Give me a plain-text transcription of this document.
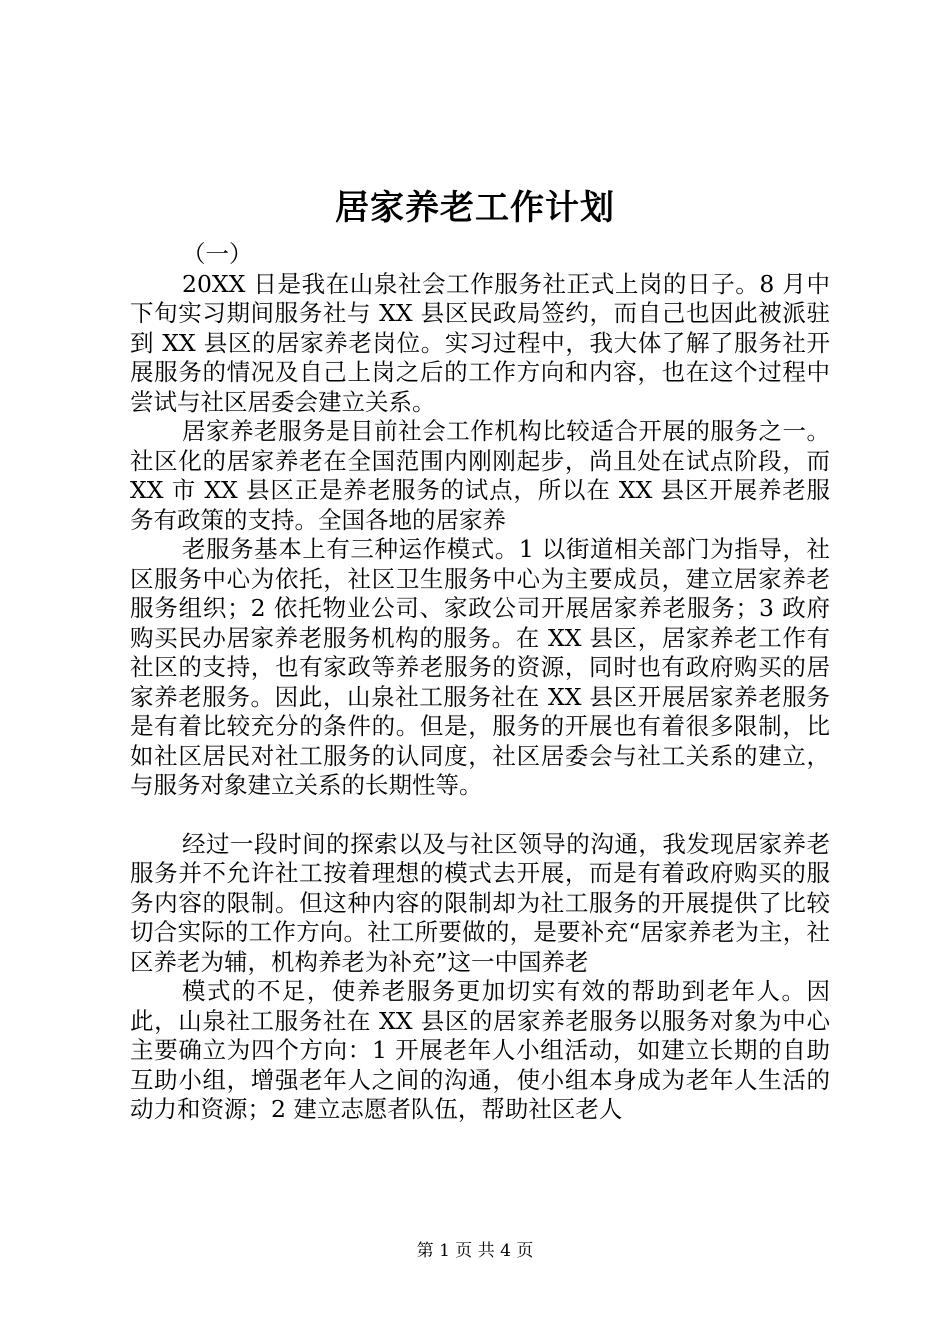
居家养老工作计划

（一）

20XX 日是我在山泉社会工作服务社正式上岗的日子。8 月中下旬实习期间服务社与 XX 县区民政局签约，而自己也因此被派驻到 XX 县区的居家养老岗位。实习过程中，我大体了解了服务社开展服务的情况及自己上岗之后的工作方向和内容，也在这个过程中尝试与社区居委会建立关系。

居家养老服务是目前社会工作机构比较适合开展的服务之一。社区化的居家养老在全国范围内刚刚起步，尚且处在试点阶段，而 XX 市 XX 县区正是养老服务的试点，所以在 XX 县区开展养老服务有政策的支持。全国各地的居家养

老服务基本上有三种运作模式。1 以街道相关部门为指导，社区服务中心为依托，社区卫生服务中心为主要成员，建立居家养老服务组织；2 依托物业公司、家政公司开展居家养老服务；3 政府购买民办居家养老服务机构的服务。在 XX 县区，居家养老工作有社区的支持，也有家政等养老服务的资源，同时也有政府购买的居家养老服务。因此，山泉社工服务社在 XX 县区开展居家养老服务是有着比较充分的条件的。但是，服务的开展也有着很多限制，比如社区居民对社工服务的认同度，社区居委会与社工关系的建立，与服务对象建立关系的长期性等。

经过一段时间的探索以及与社区领导的沟通，我发现居家养老服务并不允许社工按着理想的模式去开展，而是有着政府购买的服务内容的限制。但这种内容的限制却为社工服务的开展提供了比较切合实际的工作方向。社工所要做的，是要补充“居家养老为主，社区养老为辅，机构养老为补充”这一中国养老

模式的不足，使养老服务更加切实有效的帮助到老年人。因此，山泉社工服务社在 XX 县区的居家养老服务以服务对象为中心主要确立为四个方向：1 开展老年人小组活动，如建立长期的自助互助小组，增强老年人之间的沟通，使小组本身成为老年人生活的动力和资源；2 建立志愿者队伍，帮助社区老人

第 1 页 共 4 页
